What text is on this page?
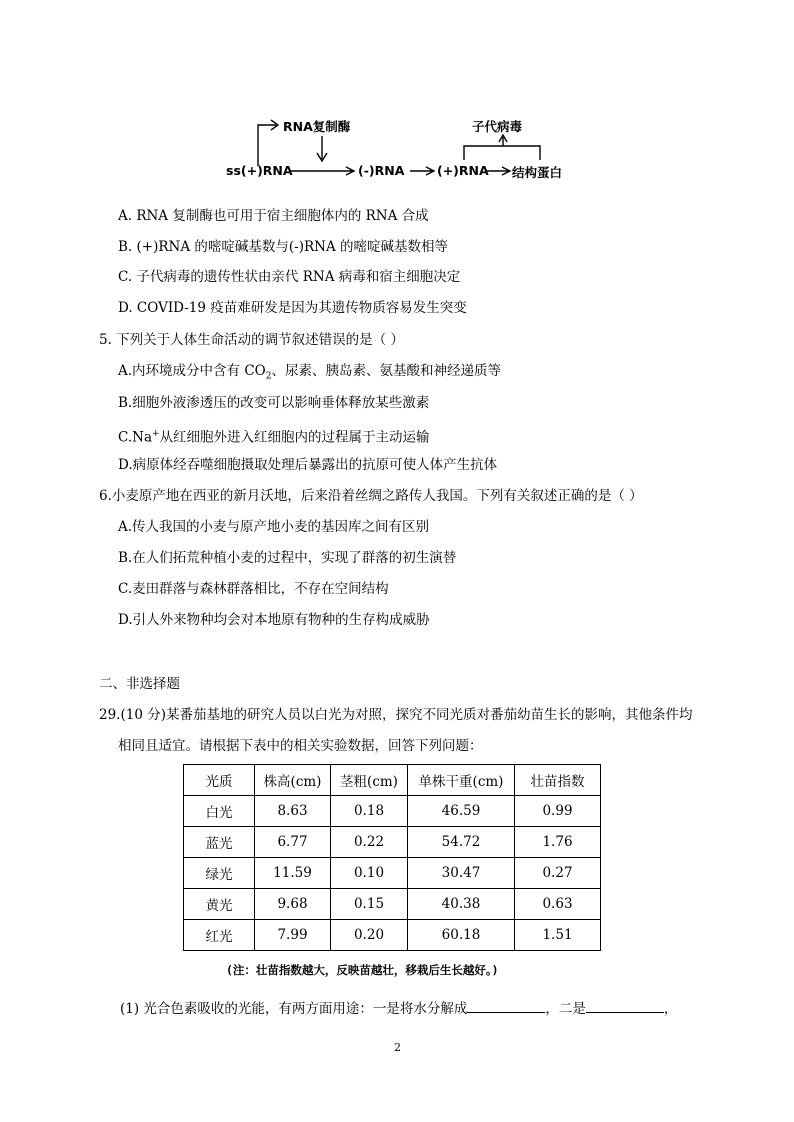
RNA复制酶	子代病毒
ss(+)RNA	(-)RNA	(+)RNA 结构蛋白
A. RNA 复制酶也可用于宿主细胞体内的 RNA 合成
B. (+)RNA 的嘧啶碱基数与(-)RNA 的嘧啶碱基数相等
C. 子代病毒的遗传性状由亲代 RNA 病毒和宿主细胞决定
D. COVID-19 疫苗难研发是因为其遗传物质容易发生突变
5. 下列关于人体生命活动的调节叙述错误的是（ ）
A.内环境成分中含有 $CO_2$、尿素、胰岛素、氨基酸和神经递质等
B.细胞外液渗透压的改变可以影响垂体释放某些激素
C.Na+从红细胞外进入红细胞内的过程属于主动运输
D.病原体经吞噬细胞摄取处理后暴露出的抗原可使人体产生抗体
6.小麦原产地在西亚的新月沃地，后来沿着丝绸之路传人我国。下列有关叙述正确的是（ ）
A.传人我国的小麦与原产地小麦的基因库之间有区别
B.在人们拓荒种植小麦的过程中，实现了群落的初生演替
C.麦田群落与森林群落相比，不存在空间结构
D.引人外来物种均会对本地原有物种的生存构成威胁
二、非选择题
29.(10 分)某番茄基地的研究人员以白光为对照，探究不同光质对番茄幼苗生长的影响，其他条件均
相同且适宜。请根据下表中的相关实验数据，回答下列问题：
光质	株高(cm)	茎粗(cm)	单株干重(cm)	壮苗指数
白光	8.63	0.18	46.59	0.99
蓝光	6.77	0.22	54.72	1.76
绿光	11.59	0.10	30.47	0.27
黄光	9.68	0.15	40.38	0.63
红光	7.99	0.20	60.18	1.51
(注：壮苗指数越大，反映苗越壮，移栽后生长越好。)
(1) 光合色素吸收的光能，有两方面用途：一是将水分解成	，二是	，
2
